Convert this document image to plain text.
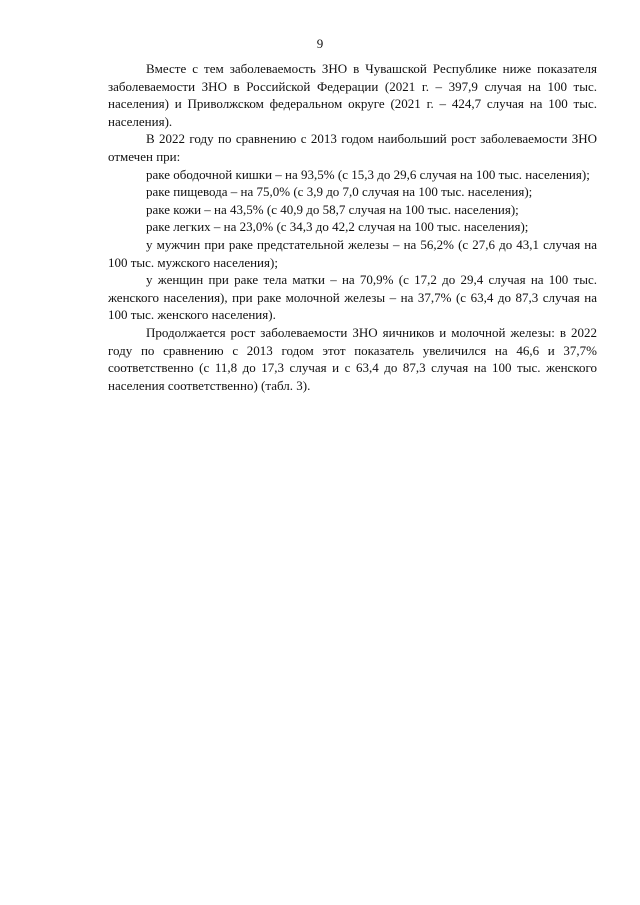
9

Вместе с тем заболеваемость ЗНО в Чувашской Республике ниже показателя заболеваемости ЗНО в Российской Федерации (2021 г. – 397,9 случая на 100 тыс. населения) и Приволжском федеральном округе (2021 г. – 424,7 случая на 100 тыс. населения).

В 2022 году по сравнению с 2013 годом наибольший рост заболеваемости ЗНО отмечен при:

раке ободочной кишки – на 93,5% (с 15,3 до 29,6 случая на 100 тыс. населения);

раке пищевода – на 75,0% (с 3,9 до 7,0 случая на 100 тыс. населения);

раке кожи – на 43,5% (с 40,9 до 58,7 случая на 100 тыс. населения);

раке легких – на 23,0% (с 34,3 до 42,2 случая на 100 тыс. населения);

у мужчин при раке предстательной железы – на 56,2% (с 27,6 до 43,1 случая на 100 тыс. мужского населения);

у женщин при раке тела матки – на 70,9% (с 17,2 до 29,4 случая на 100 тыс. женского населения), при раке молочной железы – на 37,7% (с 63,4 до 87,3 случая на 100 тыс. женского населения).

Продолжается рост заболеваемости ЗНО яичников и молочной железы: в 2022 году по сравнению с 2013 годом этот показатель увеличился на 46,6 и 37,7% соответственно (с 11,8 до 17,3 случая и с 63,4 до 87,3 случая на 100 тыс. женского населения соответственно) (табл. 3).
